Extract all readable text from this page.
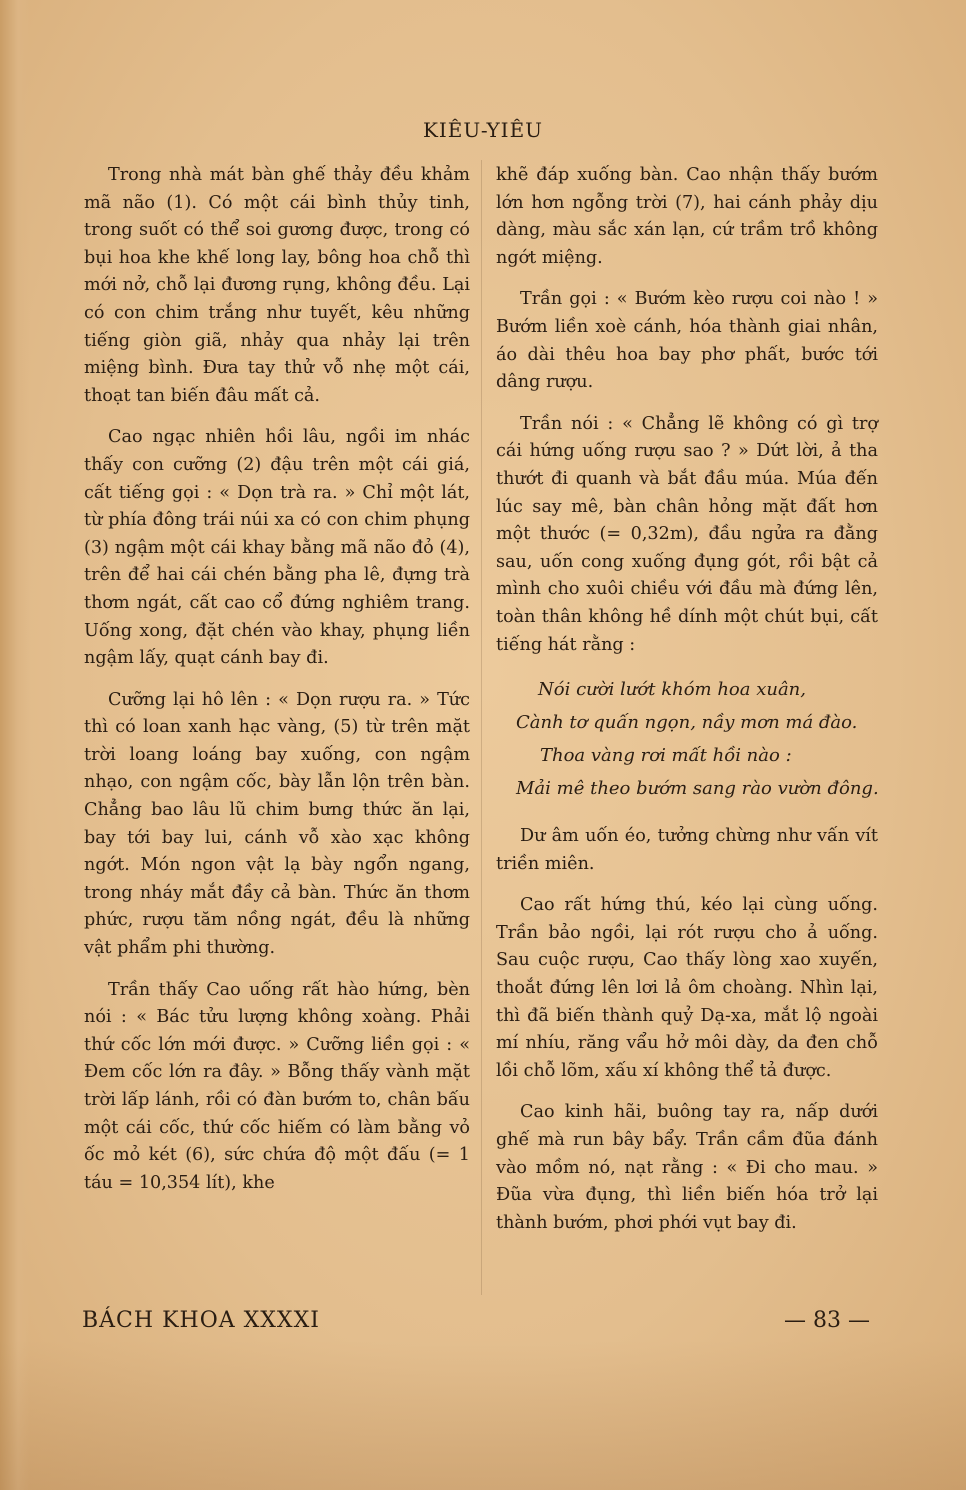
KIÊU-YIÊU

Trong nhà mát bàn ghế thảy đều khảm mã não (1). Có một cái bình thủy tinh, trong suốt có thể soi gương được, trong có bụi hoa khe khế long lay, bông hoa chỗ thì mới nở, chỗ lại đương rụng, không đều. Lại có con chim trắng như tuyết, kêu những tiếng giòn giã, nhảy qua nhảy lại trên miệng bình. Đưa tay thử vỗ nhẹ một cái, thoạt tan biến đâu mất cả.

Cao ngạc nhiên hồi lâu, ngồi im nhác thấy con cưỡng (2) đậu trên một cái giá, cất tiếng gọi : « Dọn trà ra. » Chỉ một lát, từ phía đông trái núi xa có con chim phụng (3) ngậm một cái khay bằng mã não đỏ (4), trên để hai cái chén bằng pha lê, đựng trà thơm ngát, cất cao cổ đứng nghiêm trang. Uống xong, đặt chén vào khay, phụng liền ngậm lấy, quạt cánh bay đi.

Cưỡng lại hô lên : « Dọn rượu ra. » Tức thì có loan xanh hạc vàng, (5) từ trên mặt trời loang loáng bay xuống, con ngậm nhạo, con ngậm cốc, bày lẫn lộn trên bàn. Chẳng bao lâu lũ chim bưng thức ăn lại, bay tới bay lui, cánh vỗ xào xạc không ngớt. Món ngon vật lạ bày ngổn ngang, trong nháy mắt đầy cả bàn. Thức ăn thơm phức, rượu tăm nồng ngát, đều là những vật phẩm phi thường.

Trần thấy Cao uống rất hào hứng, bèn nói : « Bác tửu lượng không xoàng. Phải thứ cốc lớn mới được. » Cưỡng liền gọi : « Đem cốc lớn ra đây. » Bỗng thấy vành mặt trời lấp lánh, rồi có đàn bướm to, chân bấu một cái cốc, thứ cốc hiếm có làm bằng vỏ ốc mỏ két (6), sức chứa độ một đấu (= 1 táu = 10,354 lít), khe

khẽ đáp xuống bàn. Cao nhận thấy bướm lớn hơn ngỗng trời (7), hai cánh phảy dịu dàng, màu sắc xán lạn, cứ trầm trồ không ngớt miệng.

Trần gọi : « Bướm kèo rượu coi nào ! » Bướm liền xoè cánh, hóa thành giai nhân, áo dài thêu hoa bay phơ phất, bước tới dâng rượu.

Trần nói : « Chẳng lẽ không có gì trợ cái hứng uống rượu sao ? » Dứt lời, ả tha thướt đi quanh và bắt đầu múa. Múa đến lúc say mê, bàn chân hỏng mặt đất hơn một thước (= 0,32m), đầu ngửa ra đằng sau, uốn cong xuống đụng gót, rồi bật cả mình cho xuôi chiều với đầu mà đứng lên, toàn thân không hề dính một chút bụi, cất tiếng hát rằng :

Nói cười lướt khóm hoa xuân,
Cành tơ quấn ngọn, nầy mơn má đào.
Thoa vàng rơi mất hồi nào :
Mải mê theo bướm sang rào vườn đông.

Dư âm uốn éo, tưởng chừng như vấn vít triền miên.

Cao rất hứng thú, kéo lại cùng uống. Trần bảo ngồi, lại rót rượu cho ả uống. Sau cuộc rượu, Cao thấy lòng xao xuyến, thoắt đứng lên lơi lả ôm choàng. Nhìn lại, thì đã biến thành quỷ Dạ-xa, mắt lộ ngoài mí nhíu, răng vẩu hở môi dày, da đen chỗ lồi chỗ lõm, xấu xí không thể tả được.

Cao kinh hãi, buông tay ra, nấp dưới ghế mà run bây bẩy. Trần cầm đũa đánh vào mồm nó, nạt rằng : « Đi cho mau. » Đũa vừa đụng, thì liền biến hóa trở lại thành bướm, phơi phới vụt bay đi.

BÁCH KHOA XXXXI	— 83 —
